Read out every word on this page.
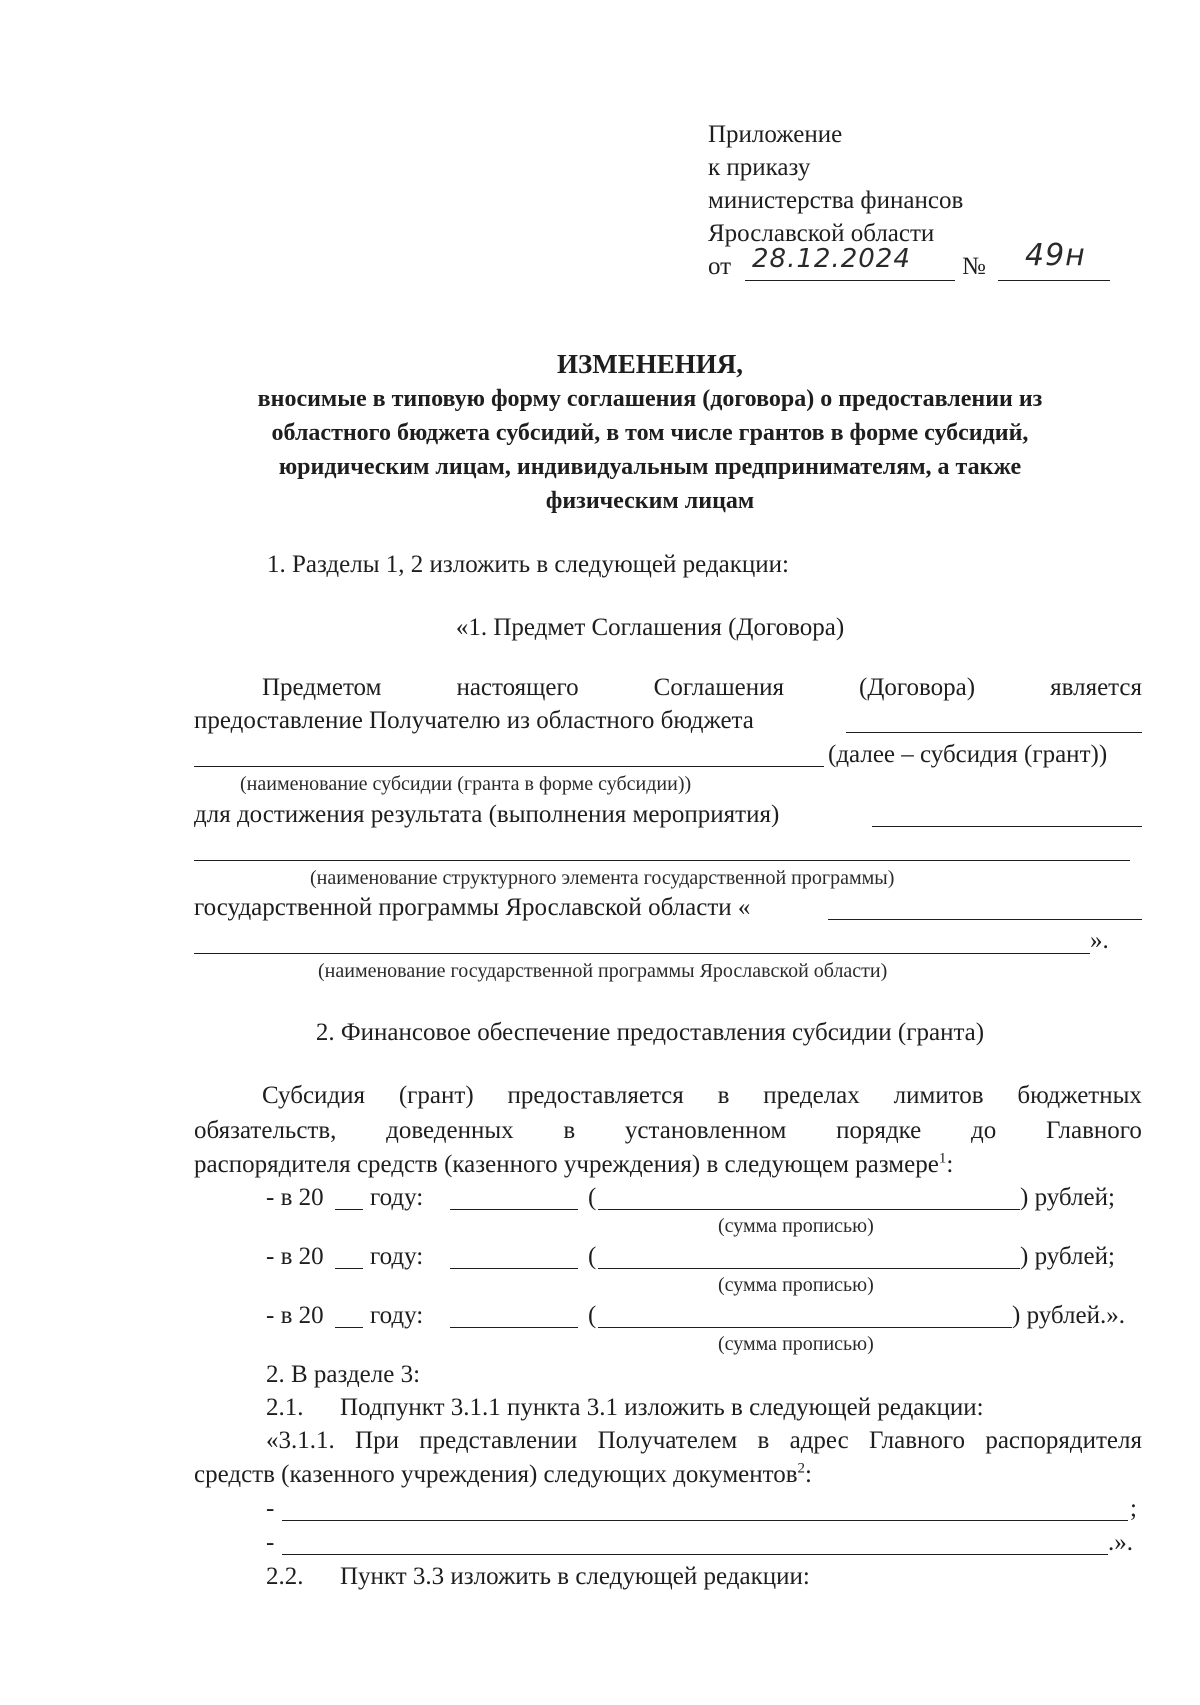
Приложение
к приказу
министерства финансов
Ярославской области
от 28.12.2024 № 49н
ИЗМЕНЕНИЯ,
вносимые в типовую форму соглашения (договора) о предоставлении из
областного бюджета субсидий, в том числе грантов в форме субсидий,
юридическим лицам, индивидуальным предпринимателям, а также
физическим лицам
1. Разделы 1, 2 изложить в следующей редакции:
«1. Предмет Соглашения (Договора)
Предметом	настоящего	Соглашения	(Договора)	является
предоставление Получателю из областного бюджета
(далее – субсидия (грант))
(наименование субсидии (гранта в форме субсидии))
для достижения результата (выполнения мероприятия)
(наименование структурного элемента государственной программы)
государственной программы Ярославской области «
».
(наименование государственной программы Ярославской области)
2. Финансовое обеспечение предоставления субсидии (гранта)
Субсидия (грант) предоставляется в пределах лимитов бюджетных
обязательств, доведенных в установленном порядке до Главного
распорядителя средств (казенного учреждения) в следующем размере$^1$:
- в 20 году:	(	) рублей;
(сумма прописью)
- в 20 году:	(	) рублей;
(сумма прописью)
- в 20 году:	(	) рублей.».
(сумма прописью)
2. В разделе 3:
2.1. Подпункт 3.1.1 пункта 3.1 изложить в следующей редакции:
«3.1.1. При представлении Получателем в адрес Главного распорядителя
средств (казенного учреждения) следующих документов$^2$:
-	;
-	.».
2.2. Пункт 3.3 изложить в следующей редакции:
